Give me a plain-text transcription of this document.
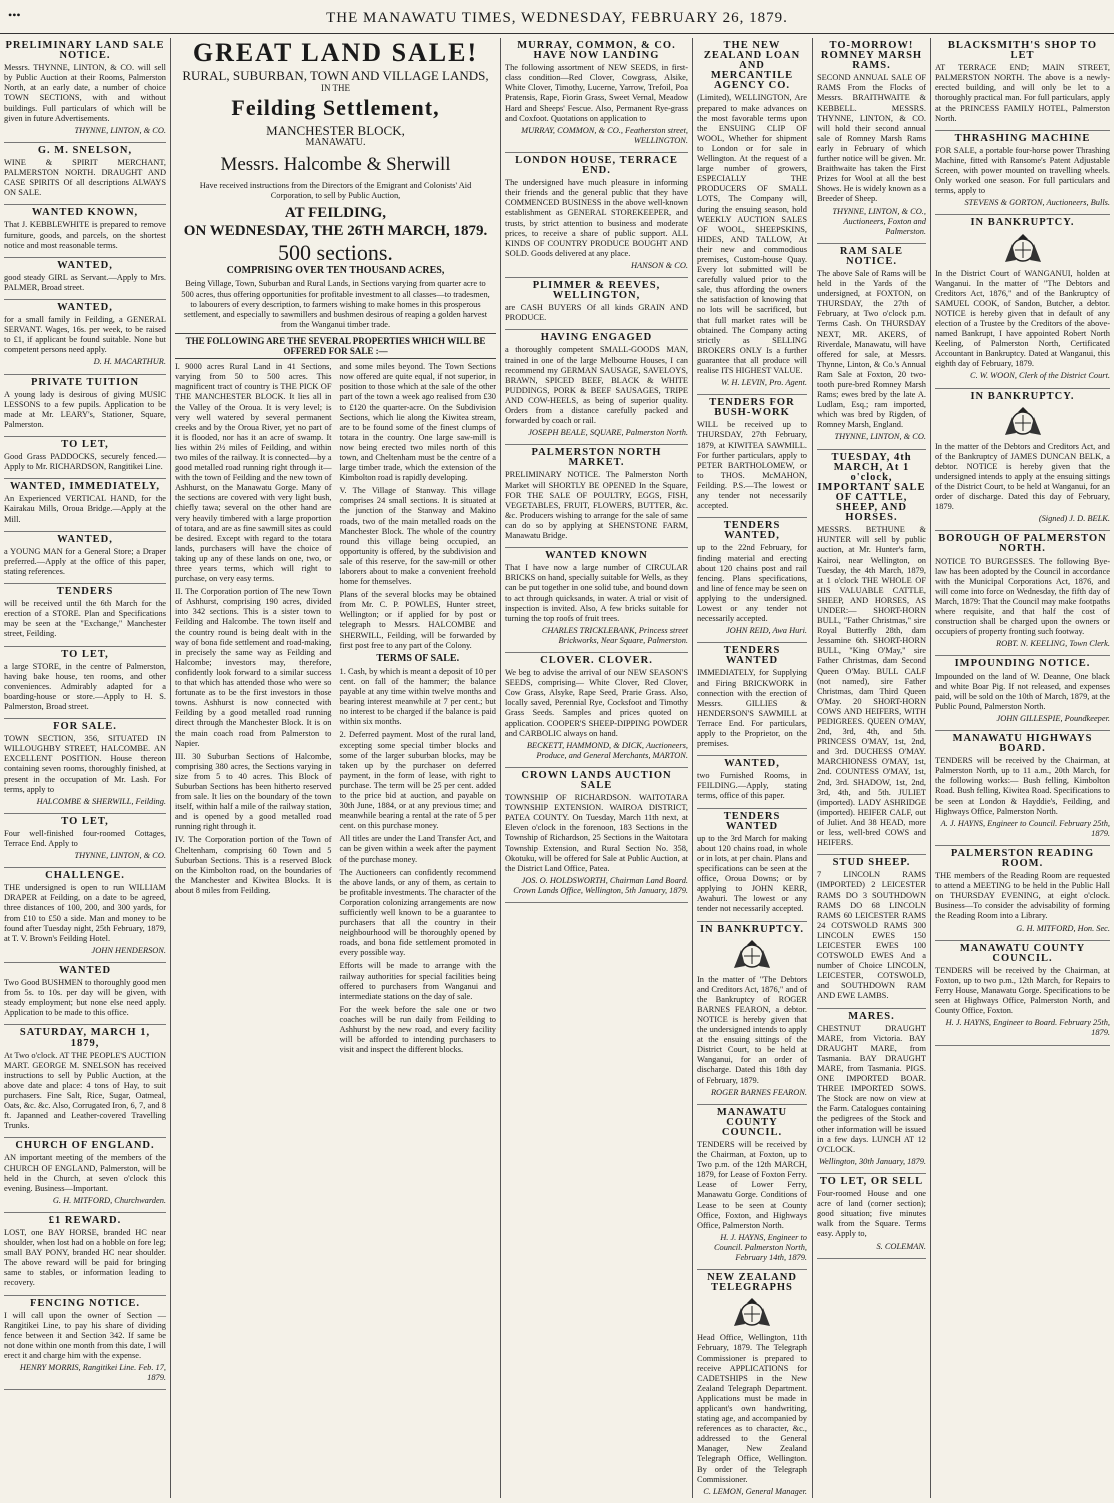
•••	THE MANAWATU TIMES, WEDNESDAY, FEBRUARY 26, 1879.
PRELIMINARY LAND SALE NOTICE.

Messrs. THYNNE, LINTON, & CO. will sell by Public Auction at their Rooms, Palmerston North, at an early date, a number of choice TOWN SECTIONS, with and without buildings. Full particulars of which will be given in future Advertisements.

THYNNE, LINTON, & CO.

G. M. SNELSON,

WINE & SPIRIT MERCHANT, PALMERSTON NORTH. DRAUGHT AND CASE SPIRITS Of all descriptions ALWAYS ON SALE.

WANTED KNOWN,

That J. KEBBLEWHITE is prepared to remove furniture, goods, and parcels, on the shortest notice and most reasonable terms.

WANTED,

good steady GIRL as Servant.—Apply to Mrs. PALMER, Broad street.

WANTED,

for a small family in Feilding, a GENERAL SERVANT. Wages, 16s. per week, to be raised to £1, if applicant be found suitable. None but competent persons need apply.

D. H. MACARTHUR.

PRIVATE TUITION

A young lady is desirous of giving MUSIC LESSONS to a few pupils. Application to be made at Mr. LEARY's, Stationer, Square, Palmerston.

TO LET,

Good Grass PADDOCKS, securely fenced.—Apply to Mr. RICHARDSON, Rangitikei Line.

WANTED, IMMEDIATELY,

An Experienced VERTICAL HAND, for the Kairakau Mills, Oroua Bridge.—Apply at the Mill.

WANTED,

a YOUNG MAN for a General Store; a Draper preferred.—Apply at the office of this paper, stating references.

TENDERS

will be received until the 6th March for the erection of a STORE. Plan and Specifications may be seen at the "Exchange," Manchester street, Feilding.

TO LET,

a large STORE, in the centre of Palmerston, having bake house, ten rooms, and other conveniences. Admirably adapted for a boarding-house or store.—Apply to H. S. Palmerston, Broad street.

FOR SALE.

TOWN SECTION, 356, SITUATED IN WILLOUGHBY STREET, HALCOMBE. AN EXCELLENT POSITION. House thereon containing seven rooms, thoroughly finished, at present in the occupation of Mr. Lash. For terms, apply to

HALCOMBE & SHERWILL, Feilding.

TO LET,

Four well-finished four-roomed Cottages, Terrace End. Apply to

THYNNE, LINTON, & CO.

CHALLENGE.

THE undersigned is open to run WILLIAM DRAPER at Feilding, on a date to be agreed, three distances of 100, 200, and 300 yards, for from £10 to £50 a side. Man and money to be found after Tuesday night, 25th February, 1879, at T. V. Brown's Feilding Hotel.

JOHN HENDERSON.

WANTED

Two Good BUSHMEN to thoroughly good men from 5s. to 10s. per day will be given, with steady employment; but none else need apply. Application to be made to this office.

SATURDAY, MARCH 1, 1879,

At Two o'clock. AT THE PEOPLE'S AUCTION MART. GEORGE M. SNELSON has received instructions to sell by Public Auction, at the above date and place: 4 tons of Hay, to suit purchasers. Fine Salt, Rice, Sugar, Oatmeal, Oats, &c. &c. Also, Corrugated Iron, 6, 7, and 8 ft. Japanned and Leather-covered Travelling Trunks.

CHURCH OF ENGLAND.

AN important meeting of the members of the CHURCH OF ENGLAND, Palmerston, will be held in the Church, at seven o'clock this evening. Business—Important.

G. H. MITFORD, Churchwarden.

£1 REWARD.

LOST, one BAY HORSE, branded HC near shoulder, when lost had on a hobble on fore leg; small BAY PONY, branded HC near shoulder. The above reward will be paid for bringing same to stables, or information leading to recovery.

FENCING NOTICE.

I will call upon the owner of Section — Rangitikei Line, to pay his share of dividing fence between it and Section 342. If same be not done within one month from this date, I will erect it and charge him with the expense.

HENRY MORRIS, Rangitikei Line. Feb. 17, 1879.

GREAT LAND SALE!
RURAL, SUBURBAN, TOWN AND VILLAGE LANDS,
IN THE
Feilding Settlement,
MANCHESTER BLOCK,
MANAWATU.
Messrs. Halcombe & Sherwill

Have received instructions from the Directors of the Emigrant and Colonists' Aid Corporation, to sell by Public Auction,

AT FEILDING,
ON WEDNESDAY, THE 26TH MARCH, 1879.
500 sections.
COMPRISING OVER TEN THOUSAND ACRES,

Being Village, Town, Suburban and Rural Lands, in Sections varying from quarter acre to 500 acres, thus offering opportunities for profitable investment to all classes—to tradesmen, to labourers of every description, to farmers wishing to make homes in this prosperous settlement, and especially to sawmillers and bushmen desirous of reaping a golden harvest from the Wanganui timber trade.

THE FOLLOWING ARE THE SEVERAL PROPERTIES WHICH WILL BE OFFERED FOR SALE :—

I. 9000 acres Rural Land in 41 Sections, varying from 50 to 500 acres. This magnificent tract of country is THE PICK OF THE MANCHESTER BLOCK. It lies all in the Valley of the Oroua. It is very level; is very well watered by several permanent creeks and by the Oroua River, yet no part of it is flooded, nor has it an acre of swamp. It lies within 2½ miles of Feilding, and within two miles of the railway. It is connected—by a good metalled road running right through it—with the town of Feilding and the new town of Ashhurst, on the Manawatu Gorge. Many of the sections are covered with very light bush, chiefly tawa; several on the other hand are very heavily timbered with a large proportion of totara, and are as fine sawmill sites as could be desired. Except with regard to the totara lands, purchasers will have the choice of taking up any of these lands on one, two, or three years terms, which will right to purchase, on very easy terms.

II. The Corporation portion of The new Town of Ashhurst, comprising 190 acres, divided into 342 sections. This is a sister town to Feilding and Halcombe. The town itself and the country round is being dealt with in the way of bona fide settlement and road-making, in precisely the same way as Feilding and Halcombe; investors may, therefore, confidently look forward to a similar success to that which has attended those who were so fortunate as to be the first investors in those towns. Ashhurst is now connected with Feilding by a good metalled road running direct through the Manchester Block. It is on the main coach road from Palmerston to Napier.

III. 30 Suburban Sections of Halcombe, comprising 380 acres, the Sections varying in size from 5 to 40 acres. This Block of Suburban Sections has been hitherto reserved from sale. It lies on the boundary of the town itself, within half a mile of the railway station, and is opened by a good metalled road running right through it.

IV. The Corporation portion of the Town of Cheltenham, comprising 60 Town and 5 Suburban Sections. This is a reserved Block on the Kimbolton road, on the boundaries of the Manchester and Kiwitea Blocks. It is about 8 miles from Feilding.

and some miles beyond. The Town Sections now offered are quite equal, if not superior, in position to those which at the sale of the other part of the town a week ago realised from £30 to £120 the quarter-acre. On the Subdivision Sections, which lie along the Kiwitea stream, are to be found some of the finest clumps of totara in the country. One large saw-mill is now being erected two miles north of this town, and Cheltenham must be the centre of a large timber trade, which the extension of the Kimbolton road is rapidly developing.

V. The Village of Stanway. This village comprises 24 small sections. It is situated at the junction of the Stanway and Makino roads, two of the main metalled roads on the Manchester Block. The whole of the country round this village being occupied, an opportunity is offered, by the subdivision and sale of this reserve, for the saw-mill or other laborers about to make a convenient freehold home for themselves.

Plans of the several blocks may be obtained from Mr. C. P. POWLES, Hunter street, Wellington; or if applied for by post or telegraph to Messrs. HALCOMBE and SHERWILL, Feilding, will be forwarded by first post free to any part of the Colony.

TERMS OF SALE.

1. Cash, by which is meant a deposit of 10 per cent. on fall of the hammer; the balance payable at any time within twelve months and bearing interest meanwhile at 7 per cent.; but no interest to be charged if the balance is paid within six months.

2. Deferred payment. Most of the rural land, excepting some special timber blocks and some of the larger suburban blocks, may be taken up by the purchaser on deferred payment, in the form of lease, with right to purchase. The term will be 25 per cent. added to the price bid at auction, and payable on 30th June, 1884, or at any previous time; and meanwhile bearing a rental at the rate of 5 per cent. on this purchase money.

All titles are under the Land Transfer Act, and can be given within a week after the payment of the purchase money.

The Auctioneers can confidently recommend the above lands, or any of them, as certain to be profitable investments. The character of the Corporation colonizing arrangements are now sufficiently well known to be a guarantee to purchasers that all the country in their neighbourhood will be thoroughly opened by roads, and bona fide settlement promoted in every possible way.

Efforts will be made to arrange with the railway authorities for special facilities being offered to purchasers from Wanganui and intermediate stations on the day of sale.

For the week before the sale one or two coaches will be run daily from Feilding to Ashhurst by the new road, and every facility will be afforded to intending purchasers to visit and inspect the different blocks.

MURRAY, COMMON, & CO. HAVE NOW LANDING

The following assortment of NEW SEEDS, in first-class condition—Red Clover, Cowgrass, Alsike, White Clover, Timothy, Lucerne, Yarrow, Trefoil, Poa Pratensis, Rape, Fiorin Grass, Sweet Vernal, Meadow Hard and Sheeps' Fescue. Also, Permanent Rye-grass and Coxfoot. Quotations on application to

MURRAY, COMMON, & CO., Featherston street, WELLINGTON.

LONDON HOUSE, TERRACE END.

The undersigned have much pleasure in informing their friends and the general public that they have COMMENCED BUSINESS in the above well-known establishment as GENERAL STOREKEEPER, and trusts, by strict attention to business and moderate prices, to receive a share of public support. ALL KINDS OF COUNTRY PRODUCE BOUGHT AND SOLD. Goods delivered at any place.

HANSON & CO.

PLIMMER & REEVES, WELLINGTON,

are CASH BUYERS Of all kinds GRAIN AND PRODUCE.

HAVING ENGAGED

a thoroughly competent SMALL-GOODS MAN, trained in one of the large Melbourne Houses, I can recommend my GERMAN SAUSAGE, SAVELOYS, BRAWN, SPICED BEEF, BLACK & WHITE PUDDINGS, PORK & BEEF SAUSAGES, TRIPE AND COW-HEELS, as being of superior quality. Orders from a distance carefully packed and forwarded by coach or rail.

JOSEPH BEALE, SQUARE, Palmerston North.

PALMERSTON NORTH MARKET.

PRELIMINARY NOTICE. The Palmerston North Market will SHORTLY BE OPENED In the Square, FOR THE SALE OF POULTRY, EGGS, FISH, VEGETABLES, FRUIT, FLOWERS, BUTTER, &c. &c. Producers wishing to arrange for the sale of same can do so by applying at SHENSTONE FARM, Manawatu Bridge.

WANTED KNOWN

That I have now a large number of CIRCULAR BRICKS on hand, specially suitable for Wells, as they can be put together in one solid tube, and bound down to act through quicksands, in water. A trial or visit of inspection is invited. Also, A few bricks suitable for turning the top roofs of fruit trees.

CHARLES TRICKLEBANK, Princess street Brickworks, Near Square, Palmerston.

CLOVER. CLOVER.

We beg to advise the arrival of our NEW SEASON'S SEEDS, comprising— White Clover, Red Clover, Cow Grass, Alsyke, Rape Seed, Prarie Grass. Also, locally saved, Perennial Rye, Cocksfoot and Timothy Grass Seeds. Samples and prices quoted on application. COOPER'S SHEEP-DIPPING POWDER and CARBOLIC always on hand.

BECKETT, HAMMOND, & DICK, Auctioneers, Produce, and General Merchants, MARTON.

CROWN LANDS AUCTION SALE

TOWNSHIP OF RICHARDSON. WAITOTARA TOWNSHIP EXTENSION. WAIROA DISTRICT, PATEA COUNTY. On Tuesday, March 11th next, at Eleven o'clock in the forenoon, 183 Sections in the Township of Richardson, 25 Sections in the Waitotara Township Extension, and Rural Section No. 358, Okotuku, will be offered for Sale at Public Auction, at the District Land Office, Patea.

JOS. O. HOLDSWORTH, Chairman Land Board. Crown Lands Office, Wellington, 5th January, 1879.

THE NEW ZEALAND LOAN AND MERCANTILE AGENCY CO.

(Limited), WELLINGTON, Are prepared to make advances on the most favorable terms upon the ENSUING CLIP OF WOOL, Whether for shipment to London or for sale in Wellington. At the request of a large number of growers, ESPECIALLY THE PRODUCERS OF SMALL LOTS, The Company will, during the ensuing season, hold WEEKLY AUCTION SALES OF WOOL, SHEEPSKINS, HIDES, AND TALLOW, At their new and commodious premises, Custom-house Quay. Every lot submitted will be carefully valued prior to the sale, thus affording the owners the satisfaction of knowing that no lots will be sacrificed, but that full market rates will be obtained. The Company acting strictly as SELLING BROKERS ONLY Is a further guarantee that all produce will realise ITS HIGHEST VALUE.

W. H. LEVIN, Pro. Agent.

TENDERS FOR BUSH-WORK

WILL be received up to THURSDAY, 27th February, 1879, at KIWITEA SAWMILL. For further particulars, apply to PETER BARTHOLOMEW, or to THOS. McMAHON, Feilding. P.S.—The lowest or any tender not necessarily accepted.

TENDERS WANTED,

up to the 22nd February, for finding material and erecting about 120 chains post and rail fencing. Plans specifications, and line of fence may be seen on applying to the undersigned. Lowest or any tender not necessarily accepted.

JOHN REID, Awa Huri.

TENDERS WANTED

IMMEDIATELY, for Supplying and Firing BRICKWORK in connection with the erection of Messrs. GILLIES & HENDERSON'S SAWMILL at Terrace End. For particulars, apply to the Proprietor, on the premises.

WANTED,

two Furnished Rooms, in FEILDING.—Apply, stating terms, office of this paper.

TENDERS WANTED

up to the 3rd March for making about 120 chains road, in whole or in lots, at per chain. Plans and specifications can be seen at the office, Oroua Downs; or by applying to JOHN KERR, Awahuri. The lowest or any tender not necessarily accepted.

IN BANKRUPTCY.

In the matter of "The Debtors and Creditors Act, 1876," and of the Bankruptcy of ROGER BARNES FEARON, a debtor. NOTICE is hereby given that the undersigned intends to apply at the ensuing sittings of the District Court, to be held at Wanganui, for an order of discharge. Dated this 18th day of February, 1879.

ROGER BARNES FEARON.

MANAWATU COUNTY COUNCIL.

TENDERS will be received by the Chairman, at Foxton, up to Two p.m. of the 12th MARCH, 1879, for Lease of Foxton Ferry. Lease of Lower Ferry, Manawatu Gorge. Conditions of Lease to be seen at County Office, Foxton, and Highways Office, Palmerston North.

H. J. HAYNS, Engineer to Council. Palmerston North, February 14th, 1879.

NEW ZEALAND TELEGRAPHS

Head Office, Wellington, 11th February, 1879. The Telegraph Commissioner is prepared to receive APPLICATIONS for CADETSHIPS in the New Zealand Telegraph Department. Applications must be made in applicant's own handwriting, stating age, and accompanied by references as to character, &c., addressed to the General Manager, New Zealand Telegraph Office, Wellington. By order of the Telegraph Commissioner.

C. LEMON, General Manager.

TO-MORROW! ROMNEY MARSH RAMS.

SECOND ANNUAL SALE OF RAMS From the Flocks of Messrs. BRAITHWAITE & KEBBELL. MESSRS. THYNNE, LINTON, & CO. will hold their second annual sale of Romney Marsh Rams early in February of which further notice will be given. Mr. Braithwaite has taken the First Prizes for Wool at all the best Shows. He is widely known as a Breeder of Sheep.

THYNNE, LINTON, & CO., Auctioneers, Foxton and Palmerston.

RAM SALE NOTICE.

The above Sale of Rams will be held in the Yards of the undersigned, at FOXTON, on THURSDAY, the 27th of February, at Two o'clock p.m. Terms Cash. On THURSDAY NEXT, MR. AKERS, of Riverdale, Manawatu, will have offered for sale, at Messrs. Thynne, Linton, & Co.'s Annual Ram Sale at Foxton, 20 two-tooth pure-bred Romney Marsh Rams; ewes bred by the late A. Ludlam, Esq.; ram imported, which was bred by Rigden, of Romney Marsh, England.

THYNNE, LINTON, & CO.

TUESDAY, 4th MARCH, At 1 o'clock, IMPORTANT SALE OF CATTLE, SHEEP, AND HORSES.

MESSRS. BETHUNE & HUNTER will sell by public auction, at Mr. Hunter's farm, Kairoi, near Wellington, on Tuesday, the 4th March, 1879, at 1 o'clock THE WHOLE OF HIS VALUABLE CATTLE, SHEEP, AND HORSES, AS UNDER:— SHORT-HORN BULL, "Father Christmas," sire Royal Butterfly 28th, dam Jessamine 6th. SHORT-HORN BULL, "King O'May," sire Father Christmas, dam Second Queen O'May. BULL CALF (not named), sire Father Christmas, dam Third Queen O'May. 20 SHORT-HORN COWS AND HEIFERS, WITH PEDIGREES. QUEEN O'MAY, 2nd, 3rd, 4th, and 5th. PRINCESS O'MAY, 1st, 2nd, and 3rd. DUCHESS O'MAY. MARCHIONESS O'MAY, 1st, 2nd. COUNTESS O'MAY, 1st, 2nd, 3rd. SHADOW, 1st, 2nd, 3rd, 4th, and 5th. JULIET (imported). LADY ASHRIDGE (imported). HEIFER CALF, out of Juliet. And 38 HEAD, more or less, well-bred COWS and HEIFERS.

STUD SHEEP.

7 LINCOLN RAMS (IMPORTED) 2 LEICESTER RAMS DO 3 SOUTHDOWN RAMS DO 68 LINCOLN RAMS 60 LEICESTER RAMS 24 COTSWOLD RAMS 300 LINCOLN EWES 150 LEICESTER EWES 100 COTSWOLD EWES And a number of Choice LINCOLN, LEICESTER, COTSWOLD, and SOUTHDOWN RAM AND EWE LAMBS.

MARES.

CHESTNUT DRAUGHT MARE, from Victoria. BAY DRAUGHT MARE, from Tasmania. BAY DRAUGHT MARE, from Tasmania. PIGS. ONE IMPORTED BOAR. THREE IMPORTED SOWS. The Stock are now on view at the Farm. Catalogues containing the pedigrees of the Stock and other information will be issued in a few days. LUNCH AT 12 O'CLOCK.

Wellington, 30th January, 1879.

TO LET, OR SELL

Four-roomed House and one acre of land (corner section); good situation; five minutes walk from the Square. Terms easy. Apply to,

S. COLEMAN.

BLACKSMITH'S SHOP TO LET

AT TERRACE END; MAIN STREET, PALMERSTON NORTH. The above is a newly-erected building, and will only be let to a thoroughly practical man. For full particulars, apply at the PRINCESS FAMILY HOTEL, Palmerston North.

THRASHING MACHINE

FOR SALE, a portable four-horse power Thrashing Machine, fitted with Ransome's Patent Adjustable Screen, with power mounted on travelling wheels. Only worked one season. For full particulars and terms, apply to

STEVENS & GORTON, Auctioneers, Bulls.

IN BANKRUPTCY.

In the District Court of WANGANUI, holden at Wanganui. In the matter of "The Debtors and Creditors Act, 1876," and of the Bankruptcy of SAMUEL COOK, of Sandon, Butcher, a debtor. NOTICE is hereby given that in default of any election of a Trustee by the Creditors of the above-named Bankrupt, I have appointed Robert North Keeling, of Palmerston North, Certificated Accountant in Bankruptcy. Dated at Wanganui, this eighth day of February, 1879.

C. W. WOON, Clerk of the District Court.

IN BANKRUPTCY.

In the matter of the Debtors and Creditors Act, and of the Bankruptcy of JAMES DUNCAN BELK, a debtor. NOTICE is hereby given that the undersigned intends to apply at the ensuing sittings of the District Court, to be held at Wanganui, for an order of discharge. Dated this day of February, 1879.

(Signed) J. D. BELK.

BOROUGH OF PALMERSTON NORTH.

NOTICE TO BURGESSES. The following Bye-law has been adopted by the Council in accordance with the Municipal Corporations Act, 1876, and will come into force on Wednesday, the fifth day of March, 1879: That the Council may make footpaths where requisite, and that half the cost of construction shall be charged upon the owners or occupiers of property fronting such footway.

ROBT. N. KEELING, Town Clerk.

IMPOUNDING NOTICE.

Impounded on the land of W. Deanne, One black and white Boar Pig. If not released, and expenses paid, will be sold on the 10th of March, 1879, at the Public Pound, Palmerston North.

JOHN GILLESPIE, Poundkeeper.

MANAWATU HIGHWAYS BOARD.

TENDERS will be received by the Chairman, at Palmerston North, up to 11 a.m., 20th March, for the following works:— Bush felling, Kimbolton Road. Bush felling, Kiwitea Road. Specifications to be seen at London & Hayddie's, Feilding, and Highways Office, Palmerston North.

A. J. HAYNS, Engineer to Council. February 25th, 1879.

PALMERSTON READING ROOM.

THE members of the Reading Room are requested to attend a MEETING to be held in the Public Hall on THURSDAY EVENING, at eight o'clock. Business—To consider the advisability of forming the Reading Room into a Library.

G. H. MITFORD, Hon. Sec.

MANAWATU COUNTY COUNCIL.

TENDERS will be received by the Chairman, at Foxton, up to two p.m., 12th March, for Repairs to Ferry House, Manawatu Gorge. Specifications to be seen at Highways Office, Palmerston North, and County Office, Foxton.

H. J. HAYNS, Engineer to Board. February 25th, 1879.
